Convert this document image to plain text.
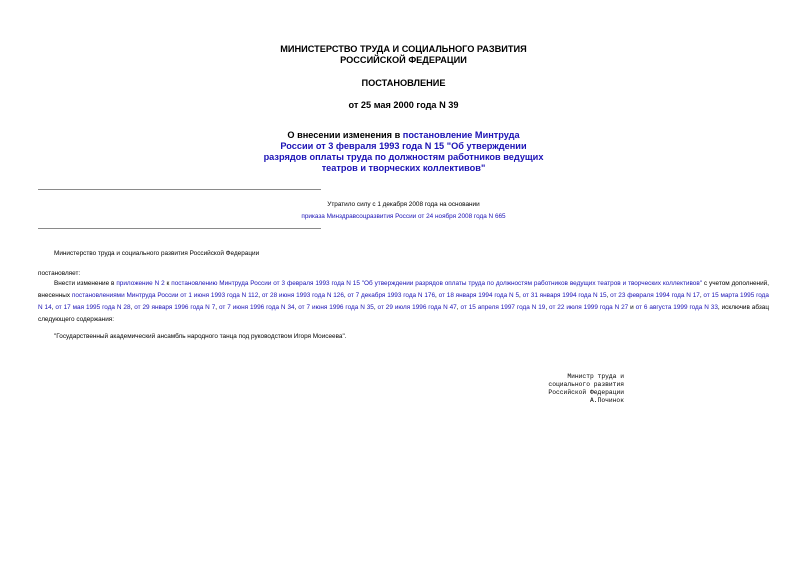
МИНИСТЕРСТВО ТРУДА И СОЦИАЛЬНОГО РАЗВИТИЯ
РОССИЙСКОЙ ФЕДЕРАЦИИ
ПОСТАНОВЛЕНИЕ
от 25 мая 2000 года N 39
О внесении изменения в постановление Минтруда
России от 3 февраля 1993 года N 15 "Об утверждении
разрядов оплаты труда по должностям работников ведущих
театров и творческих коллективов"
Утратило силу с 1 декабря 2008 года на основании
приказа Минздравсоцразвития России от 24 ноября 2008 года N 665
Министерство труда и социального развития Российской Федерации
постановляет:
Внести изменение в приложение N 2 к постановлению Минтруда России от 3 февраля 1993 года N 15 "Об утверждении разрядов оплаты труда по должностям работников ведущих театров и творческих коллективов" с учетом дополнений, внесенных постановлениями Минтруда России от 1 июня 1993 года N 112, от 28 июня 1993 года N 126, от 7 декабря 1993 года N 176, от 18 января 1994 года N 5, от 31 января 1994 года N 15, от 23 февраля 1994 года N 17, от 15 марта 1995 года N 14, от 17 мая 1995 года N 28, от 29 января 1996 года N 7, от 7 июня 1996 года N 34, от 7 июня 1996 года N 35, от 29 июля 1996 года N 47, от 15 апреля 1997 года N 19, от 22 июля 1999 года N 27 и от 6 августа 1999 года N 33, исключив абзац следующего содержания:
"Государственный академический ансамбль народного танца под руководством Игоря Моисеева".
Министр труда и
социального развития
Российской Федерации
А.Починок
